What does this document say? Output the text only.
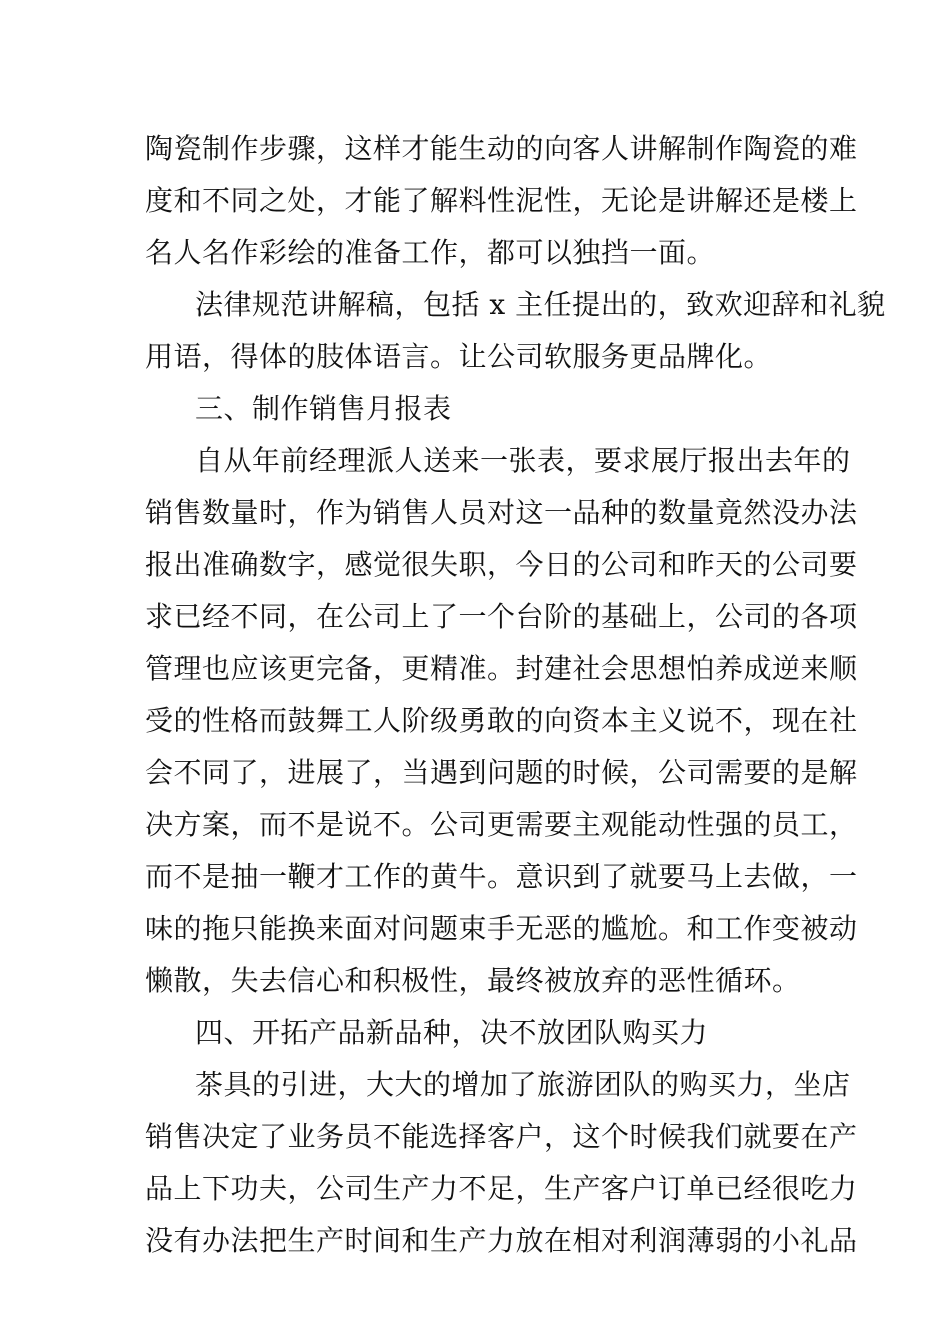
陶瓷制作步骤，这样才能生动的向客人讲解制作陶瓷的难
度和不同之处，才能了解料性泥性，无论是讲解还是楼上
名人名作彩绘的准备工作，都可以独挡一面。
法律规范讲解稿，包括 x 主任提出的，致欢迎辞和礼貌
用语，得体的肢体语言。让公司软服务更品牌化。
三、制作销售月报表
自从年前经理派人送来一张表，要求展厅报出去年的
销售数量时，作为销售人员对这一品种的数量竟然没办法
报出准确数字，感觉很失职，今日的公司和昨天的公司要
求已经不同，在公司上了一个台阶的基础上，公司的各项
管理也应该更完备，更精准。封建社会思想怕养成逆来顺
受的性格而鼓舞工人阶级勇敢的向资本主义说不，现在社
会不同了，进展了，当遇到问题的时候，公司需要的是解
决方案，而不是说不。公司更需要主观能动性强的员工，
而不是抽一鞭才工作的黄牛。意识到了就要马上去做，一
味的拖只能换来面对问题束手无恶的尴尬。和工作变被动
懒散，失去信心和积极性，最终被放弃的恶性循环。
四、开拓产品新品种，决不放团队购买力
茶具的引进，大大的增加了旅游团队的购买力，坐店
销售决定了业务员不能选择客户，这个时候我们就要在产
品上下功夫，公司生产力不足，生产客户订单已经很吃力
没有办法把生产时间和生产力放在相对利润薄弱的小礼品
